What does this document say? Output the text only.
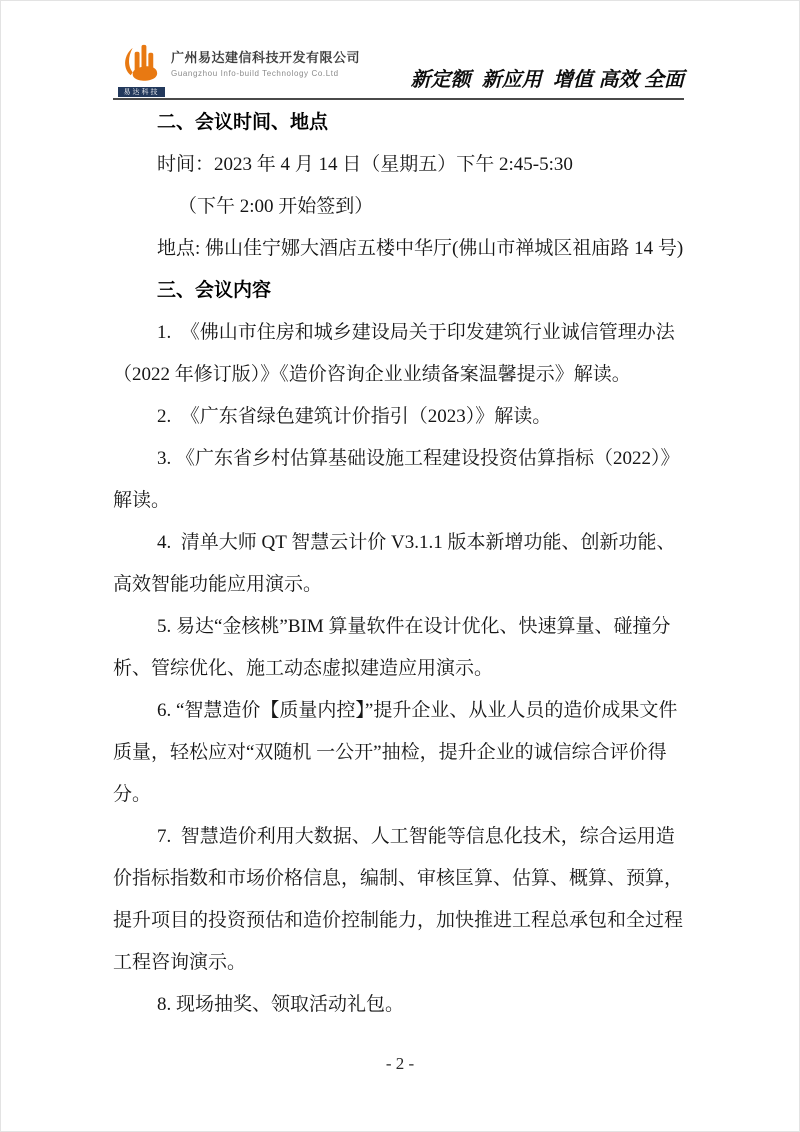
易达科技
广州易达建信科技开发有限公司
Guangzhou Info-build Technology Co.Ltd	新定额  新应用  增值 高效 全面
二、会议时间、地点
时间：2023 年 4 月 14 日（星期五）下午 2:45-5:30
（下午 2:00 开始签到）
地点: 佛山佳宁娜大酒店五楼中华厅(佛山市禅城区祖庙路 14 号)
三、会议内容
1.  《佛山市住房和城乡建设局关于印发建筑行业诚信管理办法
（2022 年修订版）》《造价咨询企业业绩备案温馨提示》解读。
2.  《广东省绿色建筑计价指引（2023）》解读。
3. 《广东省乡村估算基础设施工程建设投资估算指标（2022）》
解读。
4.  清单大师 QT 智慧云计价 V3.1.1 版本新增功能、创新功能、
高效智能功能应用演示。
5. 易达“金核桃”BIM 算量软件在设计优化、快速算量、碰撞分
析、管综优化、施工动态虚拟建造应用演示。
6. “智慧造价【质量内控】”提升企业、从业人员的造价成果文件
质量，轻松应对“双随机 一公开”抽检，提升企业的诚信综合评价得
分。
7.  智慧造价利用大数据、人工智能等信息化技术，综合运用造
价指标指数和市场价格信息，编制、审核匡算、估算、概算、预算，
提升项目的投资预估和造价控制能力，加快推进工程总承包和全过程
工程咨询演示。
8. 现场抽奖、领取活动礼包。
- 2 -
